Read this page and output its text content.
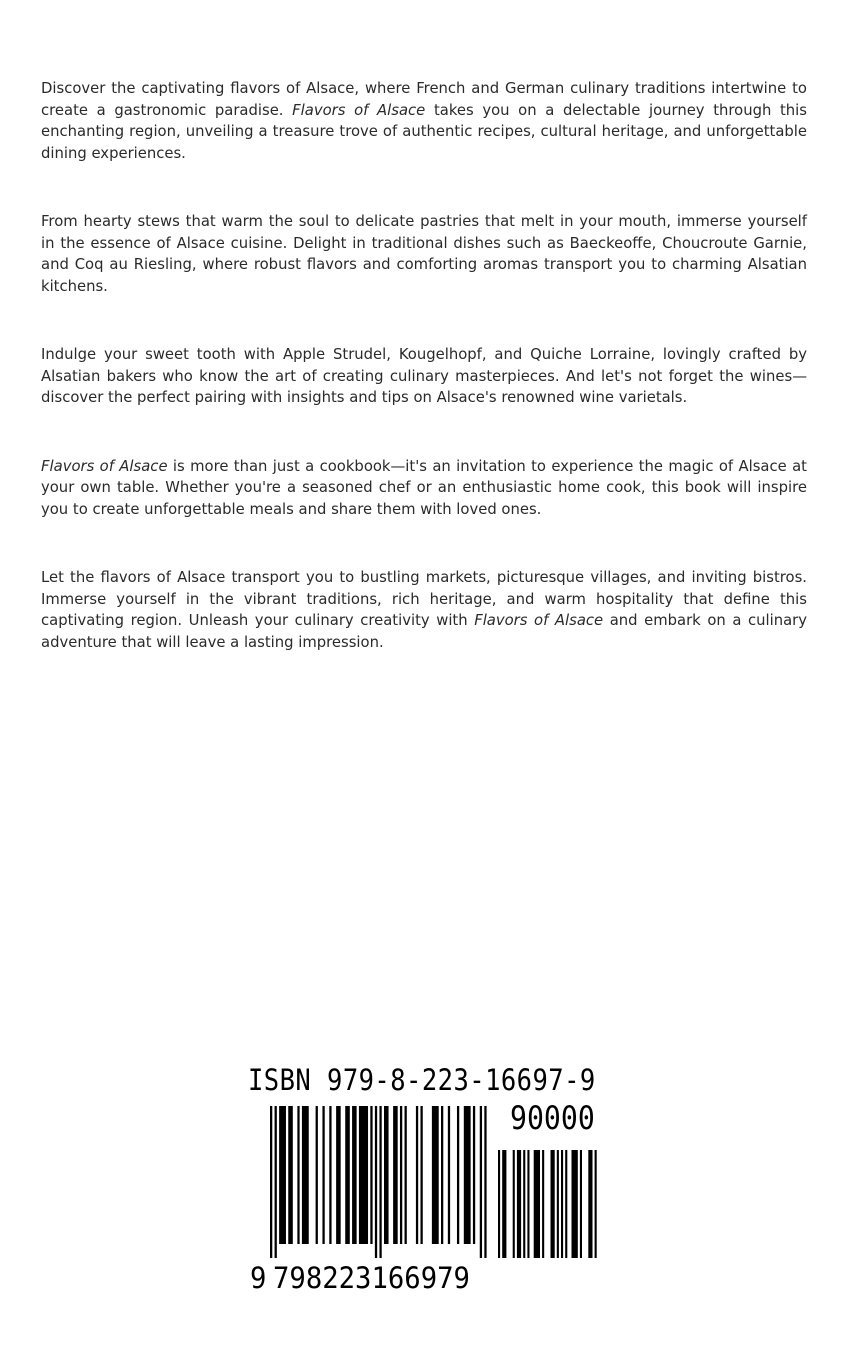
Discover the captivating flavors of Alsace, where French and German culinary traditions intertwine to create a gastronomic paradise. Flavors of Alsace takes you on a delectable journey through this enchanting region, unveiling a treasure trove of authentic recipes, cultural heritage, and unforgettable dining experiences.

From hearty stews that warm the soul to delicate pastries that melt in your mouth, immerse yourself in the essence of Alsace cuisine. Delight in traditional dishes such as Baeckeoffe, Choucroute Garnie, and Coq au Riesling, where robust flavors and comforting aromas transport you to charming Alsatian kitchens.

Indulge your sweet tooth with Apple Strudel, Kougelhopf, and Quiche Lorraine, lovingly crafted by Alsatian bakers who know the art of creating culinary masterpieces. And let's not forget the wines—discover the perfect pairing with insights and tips on Alsace's renowned wine varietals.

Flavors of Alsace is more than just a cookbook—it's an invitation to experience the magic of Alsace at your own table. Whether you're a seasoned chef or an enthusiastic home cook, this book will inspire you to create unforgettable meals and share them with loved ones.

Let the flavors of Alsace transport you to bustling markets, picturesque villages, and inviting bistros. Immerse yourself in the vibrant traditions, rich heritage, and warm hospitality that define this captivating region. Unleash your culinary creativity with Flavors of Alsace and embark on a culinary adventure that will leave a lasting impression.

ISBN 979-8-223-16697-9
90000
9 798223166979
